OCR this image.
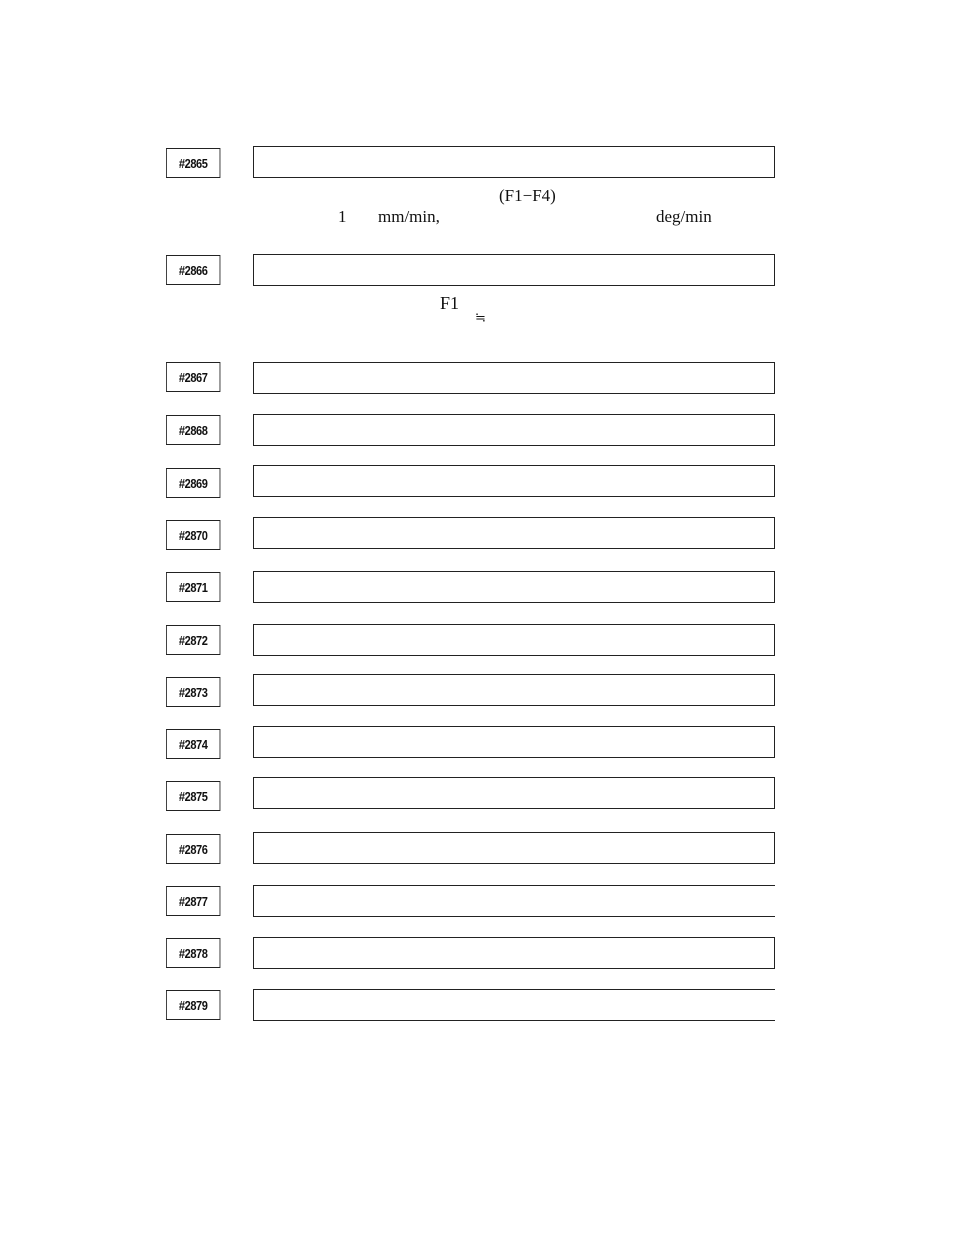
#2865
(F1−F4)
1 mm/min,	deg/min
#2866
F1
≒
#2867
#2868
#2869
#2870
#2871
#2872
#2873
#2874
#2875
#2876
#2877
#2878
#2879
